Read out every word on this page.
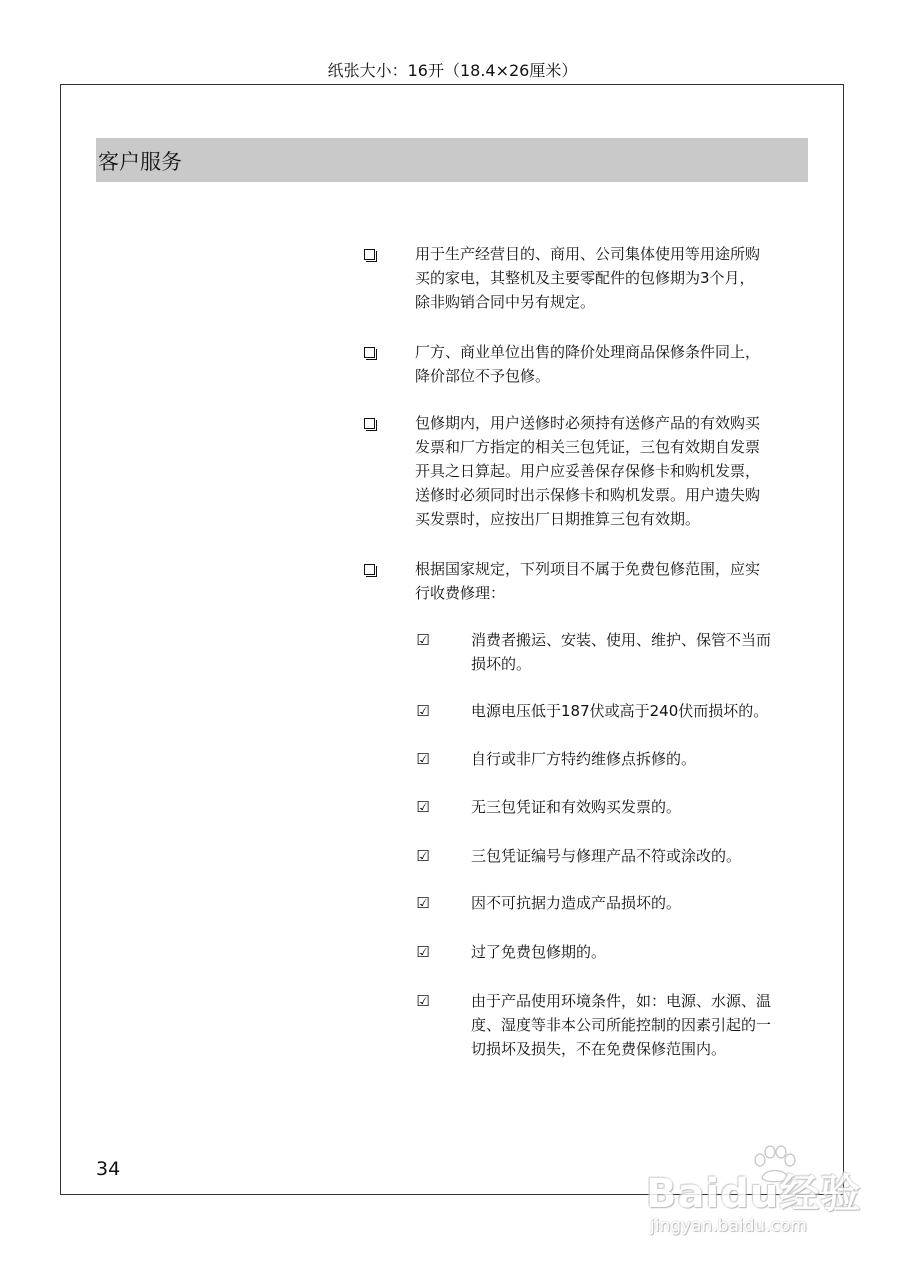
纸张大小：16开（18.4×26厘米）
客户服务
用于生产经营目的、商用、公司集体使用等用途所购
买的家电，其整机及主要零配件的包修期为3个月，
除非购销合同中另有规定。
厂方、商业单位出售的降价处理商品保修条件同上，
降价部位不予包修。
包修期内，用户送修时必须持有送修产品的有效购买
发票和厂方指定的相关三包凭证，三包有效期自发票
开具之日算起。用户应妥善保存保修卡和购机发票，
送修时必须同时出示保修卡和购机发票。用户遗失购
买发票时，应按出厂日期推算三包有效期。
根据国家规定，下列项目不属于免费包修范围，应实
行收费修理：
☑	消费者搬运、安装、使用、维护、保管不当而
损坏的。
☑	电源电压低于187伏或高于240伏而损坏的。
☑	自行或非厂方特约维修点拆修的。
☑	无三包凭证和有效购买发票的。
☑	三包凭证编号与修理产品不符或涂改的。
☑	因不可抗据力造成产品损坏的。
☑	过了免费包修期的。
☑	由于产品使用环境条件，如：电源、水源、温
度、湿度等非本公司所能控制的因素引起的一
切损坏及损失，不在免费保修范围内。
34
Baidu经验
jingyan.baidu.com
